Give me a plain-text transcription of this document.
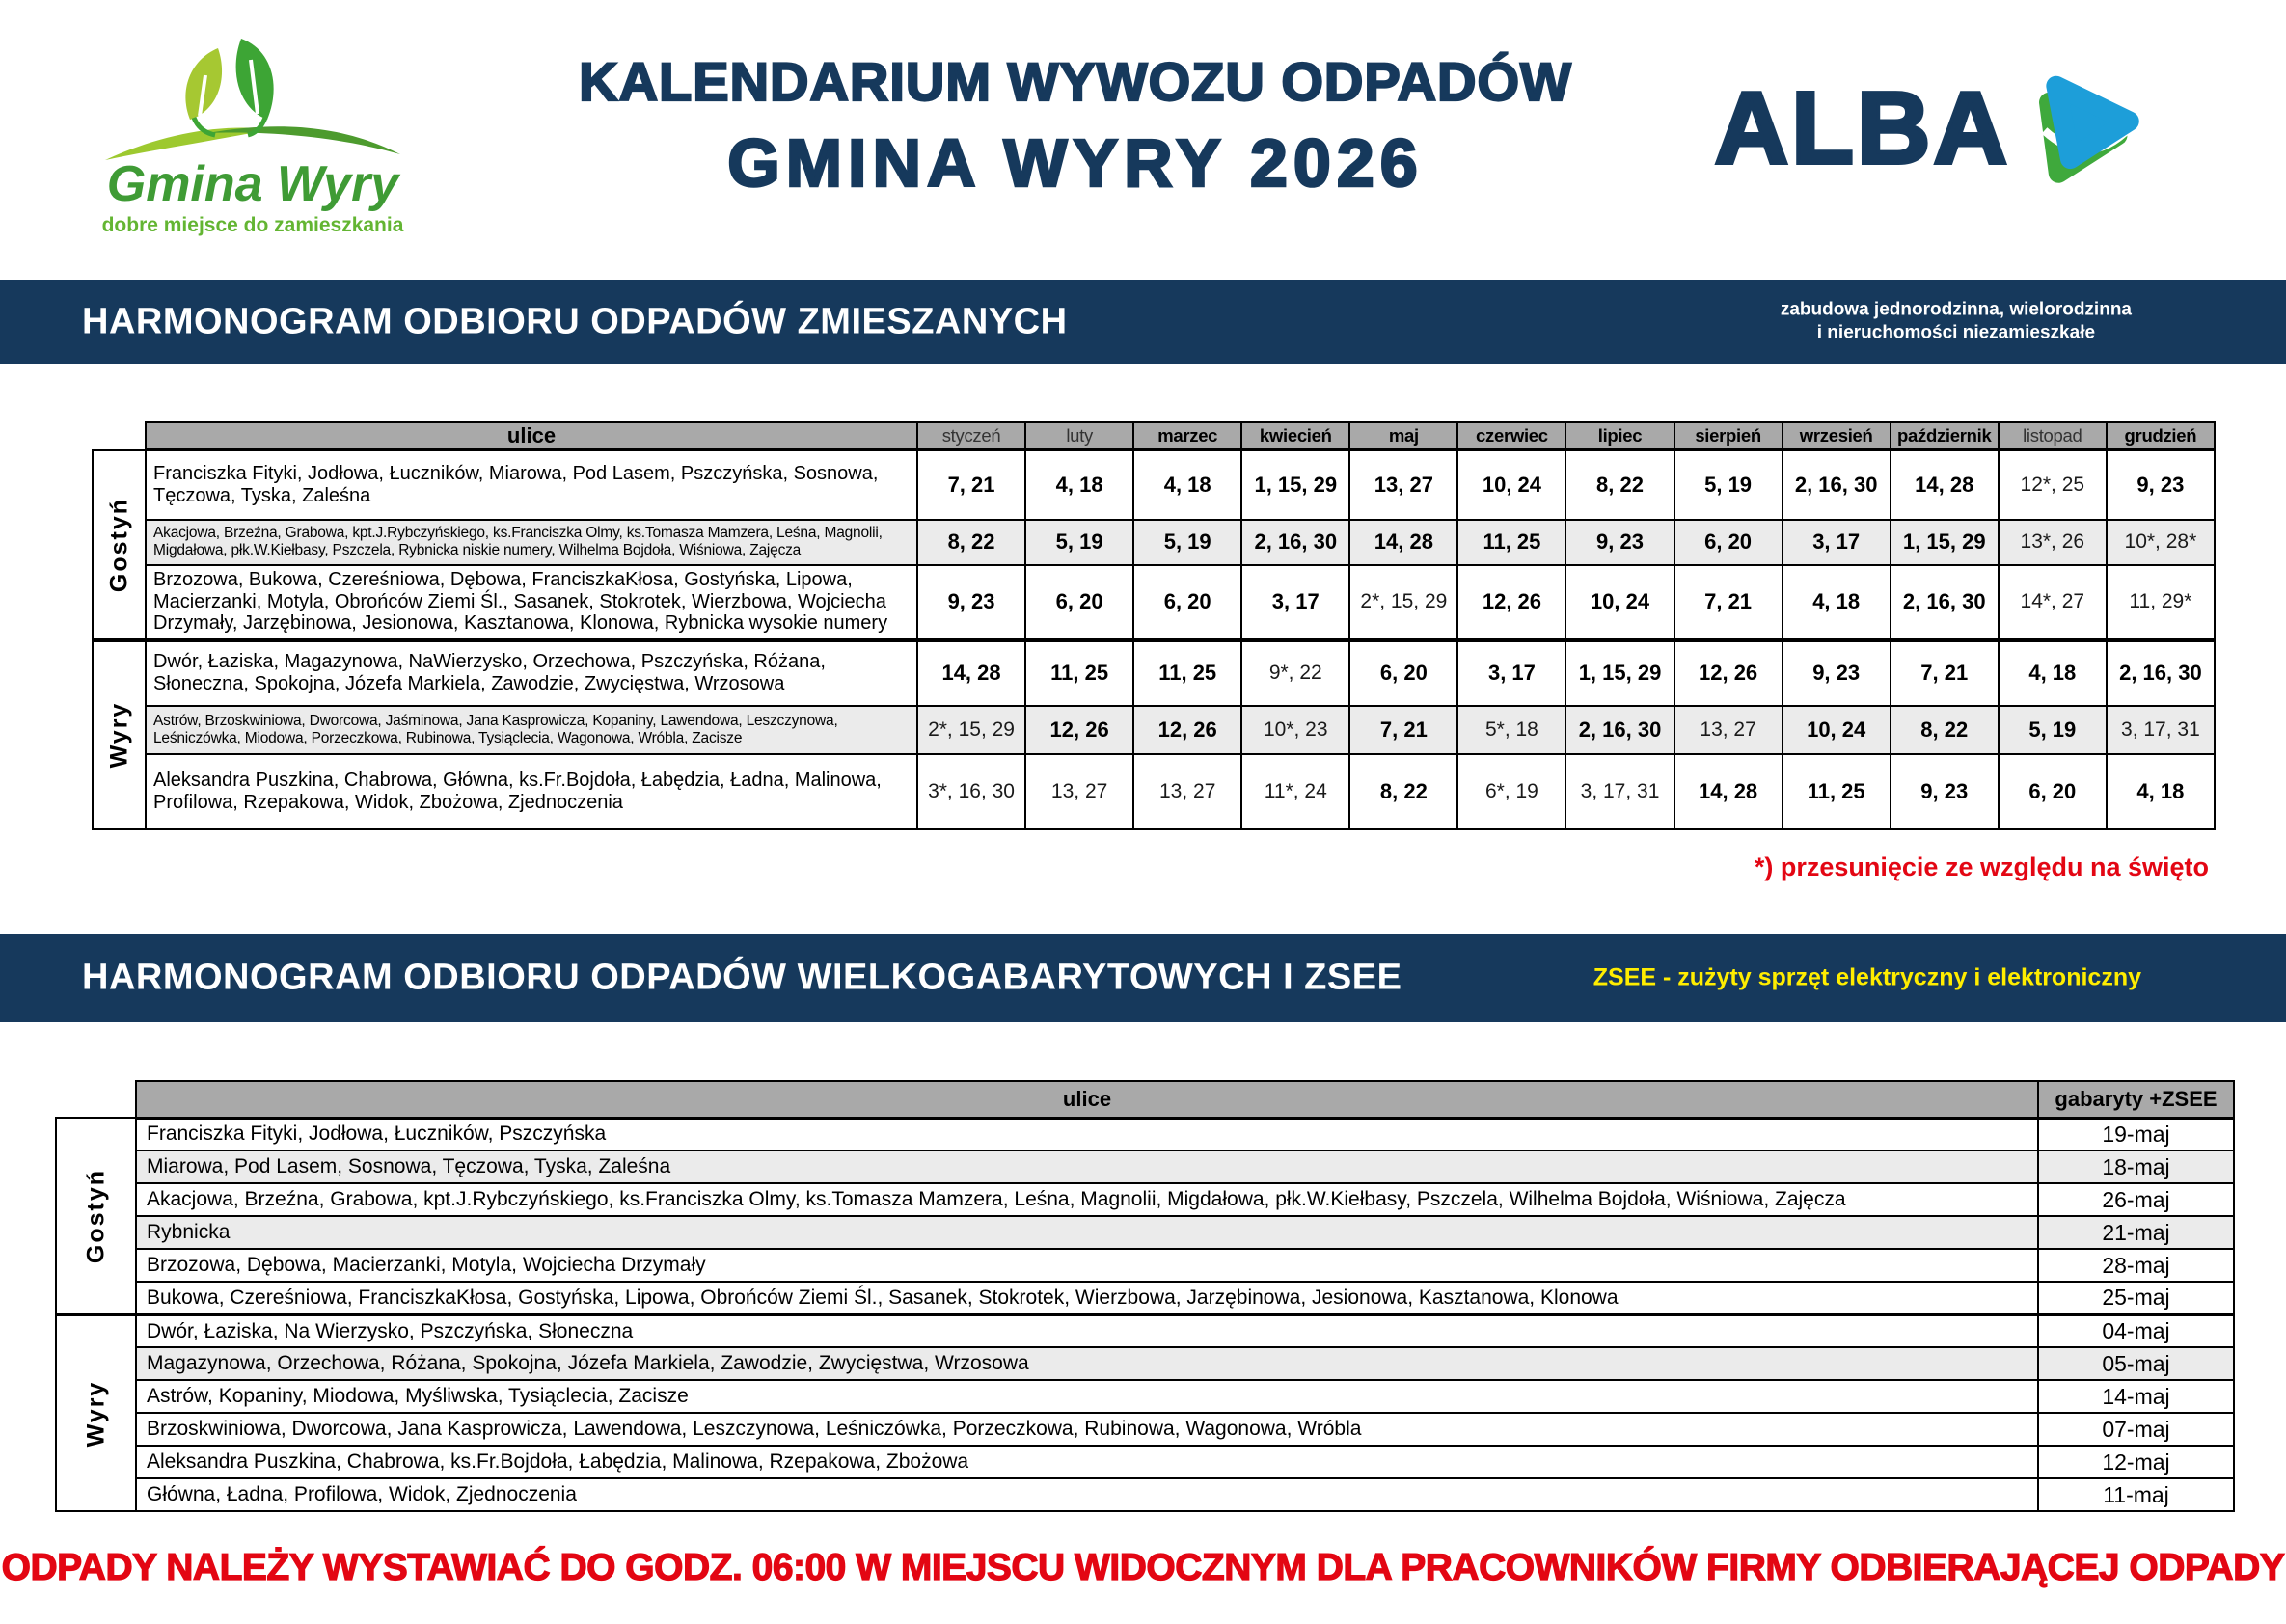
Gmina Wyry
dobre miejsce do zamieszkania
KALENDARIUM WYWOZU ODPADÓW
GMINA WYRY 2026	ALBA
HARMONOGRAM ODBIORU ODPADÓW ZMIESZANYCH	zabudowa jednorodzinna, wielorodzinna
i nieruchomości niezamieszkałe
	ulice	styczeń	luty	marzec	kwiecień	maj	czerwiec	lipiec	sierpień	wrzesień	październik	listopad	grudzień

Gostyń	Franciszka Fityki, Jodłowa, Łuczników, Miarowa, Pod Lasem, Pszczyńska, Sosnowa, Tęczowa, Tyska, Zaleśna	7, 21	4, 18	4, 18	1, 15, 29	13, 27	10, 24	8, 22	5, 19	2, 16, 30	14, 28	12*, 25	9, 23
	Akacjowa, Brzeźna, Grabowa, kpt.J.Rybczyńskiego, ks.Franciszka Olmy, ks.Tomasza Mamzera, Leśna, Magnolii, Migdałowa, płk.W.Kiełbasy, Pszczela, Rybnicka niskie numery, Wilhelma Bojdoła, Wiśniowa, Zajęcza	8, 22	5, 19	5, 19	2, 16, 30	14, 28	11, 25	9, 23	6, 20	3, 17	1, 15, 29	13*, 26	10*, 28*
	Brzozowa, Bukowa, Czereśniowa, Dębowa, FranciszkaKłosa, Gostyńska, Lipowa, Macierzanki, Motyla, Obrońców Ziemi Śl., Sasanek, Stokrotek, Wierzbowa, Wojciecha Drzymały, Jarzębinowa, Jesionowa, Kasztanowa, Klonowa, Rybnicka wysokie numery	9, 23	6, 20	6, 20	3, 17	2*, 15, 29	12, 26	10, 24	7, 21	4, 18	2, 16, 30	14*, 27	11, 29*

Wyry	Dwór, Łaziska, Magazynowa, NaWierzysko, Orzechowa, Pszczyńska, Różana, Słoneczna, Spokojna, Józefa Markiela, Zawodzie, Zwycięstwa, Wrzosowa	14, 28	11, 25	11, 25	9*, 22	6, 20	3, 17	1, 15, 29	12, 26	9, 23	7, 21	4, 18	2, 16, 30
	Astrów, Brzoskwiniowa, Dworcowa, Jaśminowa, Jana Kasprowicza, Kopaniny, Lawendowa, Leszczynowa, Leśniczówka, Miodowa, Porzeczkowa, Rubinowa, Tysiąclecia, Wagonowa, Wróbla, Zacisze	2*, 15, 29	12, 26	12, 26	10*, 23	7, 21	5*, 18	2, 16, 30	13, 27	10, 24	8, 22	5, 19	3, 17, 31
	Aleksandra Puszkina, Chabrowa, Główna, ks.Fr.Bojdoła, Łabędzia, Ładna, Malinowa, Profilowa, Rzepakowa, Widok, Zbożowa, Zjednoczenia	3*, 16, 30	13, 27	13, 27	11*, 24	8, 22	6*, 19	3, 17, 31	14, 28	11, 25	9, 23	6, 20	4, 18
*) przesunięcie ze względu na święto
HARMONOGRAM ODBIORU ODPADÓW WIELKOGABARYTOWYCH I ZSEE	ZSEE - zużyty sprzęt elektryczny i elektroniczny
	ulice	gabaryty +ZSEE

Gostyń	Franciszka Fityki, Jodłowa, Łuczników, Pszczyńska	19-maj
	Miarowa, Pod Lasem, Sosnowa, Tęczowa, Tyska, Zaleśna	18-maj
	Akacjowa, Brzeźna, Grabowa, kpt.J.Rybczyńskiego, ks.Franciszka Olmy, ks.Tomasza Mamzera, Leśna, Magnolii, Migdałowa, płk.W.Kiełbasy, Pszczela, Wilhelma Bojdoła, Wiśniowa, Zajęcza	26-maj
	Rybnicka	21-maj
	Brzozowa, Dębowa, Macierzanki, Motyla, Wojciecha Drzymały	28-maj
	Bukowa, Czereśniowa, FranciszkaKłosa, Gostyńska, Lipowa, Obrońców Ziemi Śl., Sasanek, Stokrotek, Wierzbowa, Jarzębinowa, Jesionowa, Kasztanowa, Klonowa	25-maj

Wyry	Dwór, Łaziska, Na Wierzysko, Pszczyńska, Słoneczna	04-maj
	Magazynowa, Orzechowa, Różana, Spokojna, Józefa Markiela, Zawodzie, Zwycięstwa, Wrzosowa	05-maj
	Astrów, Kopaniny, Miodowa, Myśliwska, Tysiąclecia, Zacisze	14-maj
	Brzoskwiniowa, Dworcowa, Jana Kasprowicza, Lawendowa, Leszczynowa, Leśniczówka, Porzeczkowa, Rubinowa, Wagonowa, Wróbla	07-maj
	Aleksandra Puszkina, Chabrowa, ks.Fr.Bojdoła, Łabędzia, Malinowa, Rzepakowa, Zbożowa	12-maj
	Główna, Ładna, Profilowa, Widok, Zjednoczenia	11-maj
ODPADY NALEŻY WYSTAWIAĆ DO GODZ. 06:00 W MIEJSCU WIDOCZNYM DLA PRACOWNIKÓW FIRMY ODBIERAJĄCEJ ODPADY
